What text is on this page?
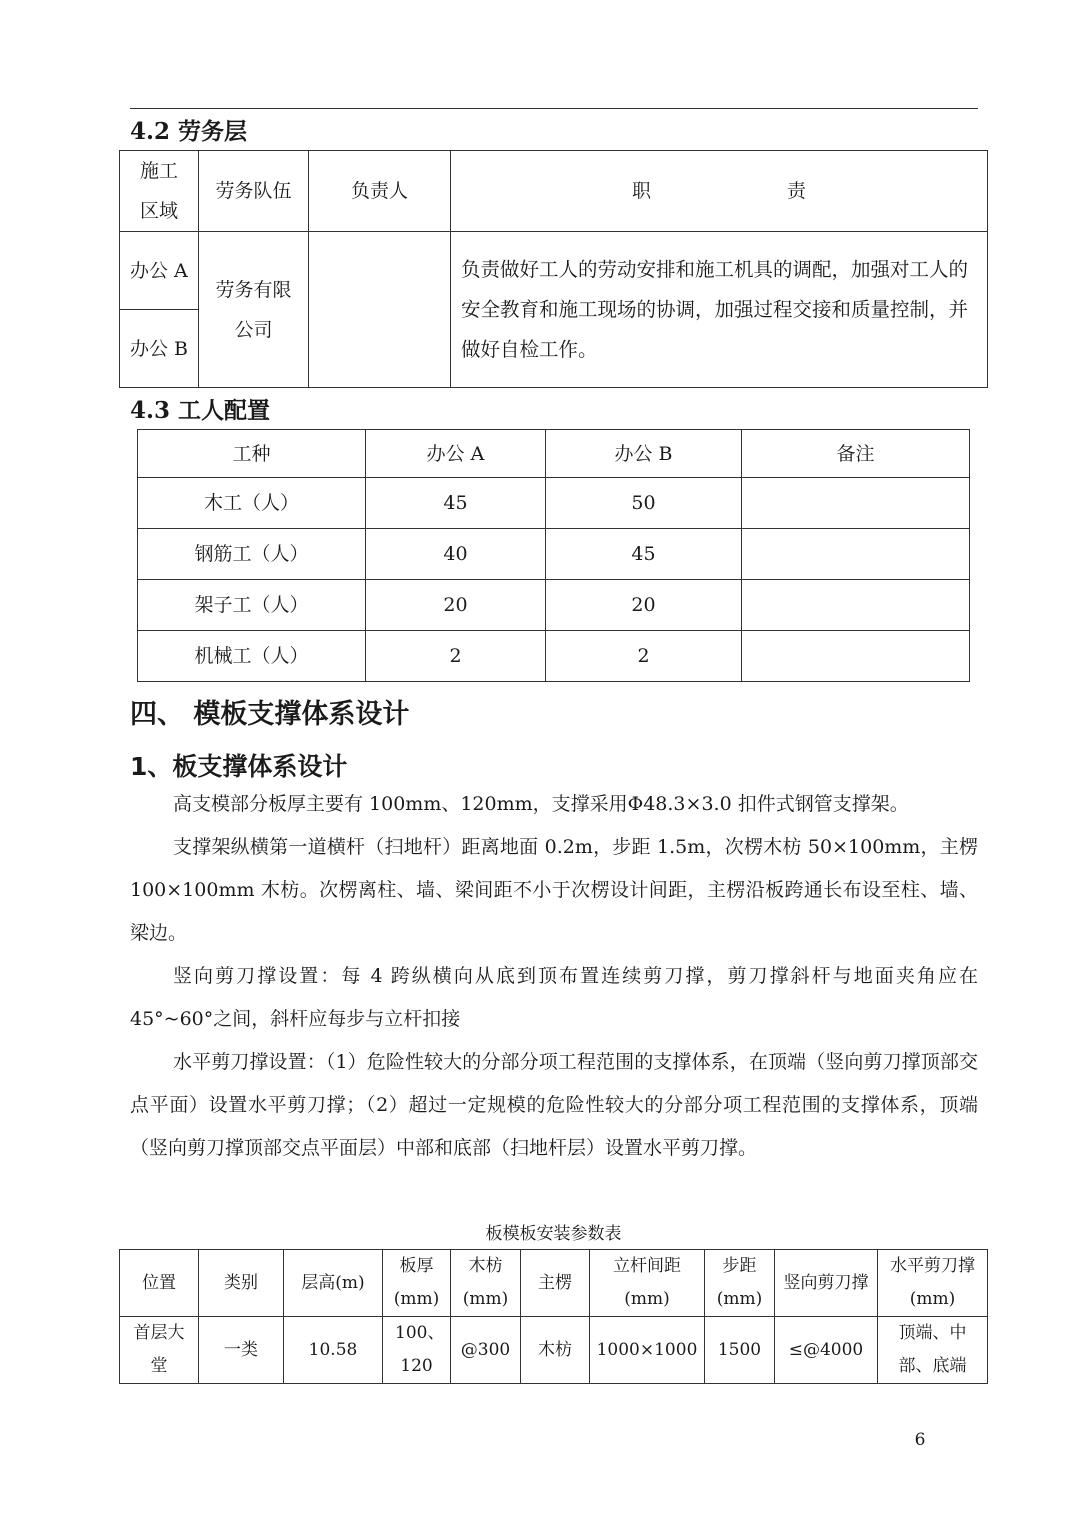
4.2 劳务层
施工区域	劳务队伍	负责人	职 责
办公 A	劳务有限公司		负责做好工人的劳动安排和施工机具的调配，加强对工人的安全教育和施工现场的协调，加强过程交接和质量控制，并做好自检工作。
办公 B			
4.3 工人配置
工种	办公 A	办公 B	备注
木工（人）	45	50	
钢筋工（人）	40	45	
架子工（人）	20	20	
机械工（人）	2	2	
四、 模板支撑体系设计
1、板支撑体系设计

高支模部分板厚主要有 100mm、120mm，支撑采用Φ48.3×3.0 扣件式钢管支撑架。

支撑架纵横第一道横杆（扫地杆）距离地面 0.2m，步距 1.5m，次楞木枋 50×100mm，主楞 100×100mm 木枋。次楞离柱、墙、梁间距不小于次楞设计间距，主楞沿板跨通长布设至柱、墙、梁边。

竖向剪刀撑设置：每 4 跨纵横向从底到顶布置连续剪刀撑，剪刀撑斜杆与地面夹角应在 45°~60°之间，斜杆应每步与立杆扣接

水平剪刀撑设置：（1）危险性较大的分部分项工程范围的支撑体系，在顶端（竖向剪刀撑顶部交点平面）设置水平剪刀撑；（2）超过一定规模的危险性较大的分部分项工程范围的支撑体系，顶端（竖向剪刀撑顶部交点平面层）中部和底部（扫地杆层）设置水平剪刀撑。

板模板安装参数表
位置	类别	层高(m)	板厚(mm)	木枋(mm)	主楞	立杆间距(mm)	步距(mm)	竖向剪刀撑	水平剪刀撑(mm)
首层大堂	一类	10.58	100、120	@300	木枋	1000×1000	1500	≤@4000	顶端、中部、底端
6
